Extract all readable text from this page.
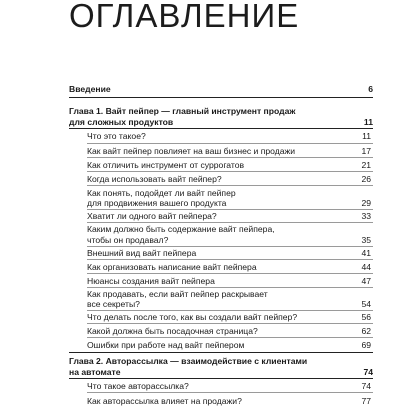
ОГЛАВЛЕНИЕ
Введение	6
Глава 1. Вайт пейпер — главный инструмент продаж
для сложных продуктов	11
Что это такое?	11
Как вайт пейпер повлияет на ваш бизнес и продажи	17
Как отличить инструмент от суррогатов	21
Когда использовать вайт пейпер?	26
Как понять, подойдет ли вайт пейпер
для продвижения вашего продукта	29
Хватит ли одного вайт пейпера?	33
Каким должно быть содержание вайт пейпера,
чтобы он продавал?	35
Внешний вид вайт пейпера	41
Как организовать написание вайт пейпера	44
Нюансы создания вайт пейпера	47
Как продавать, если вайт пейпер раскрывает
все секреты?	54
Что делать после того, как вы создали вайт пейпер?	56
Какой должна быть посадочная страница?	62
Ошибки при работе над вайт пейпером	69
Глава 2. Авторассылка — взаимодействие с клиентами
на автомате	74
Что такое авторассылка?	74
Как авторассылка влияет на продажи?	77
